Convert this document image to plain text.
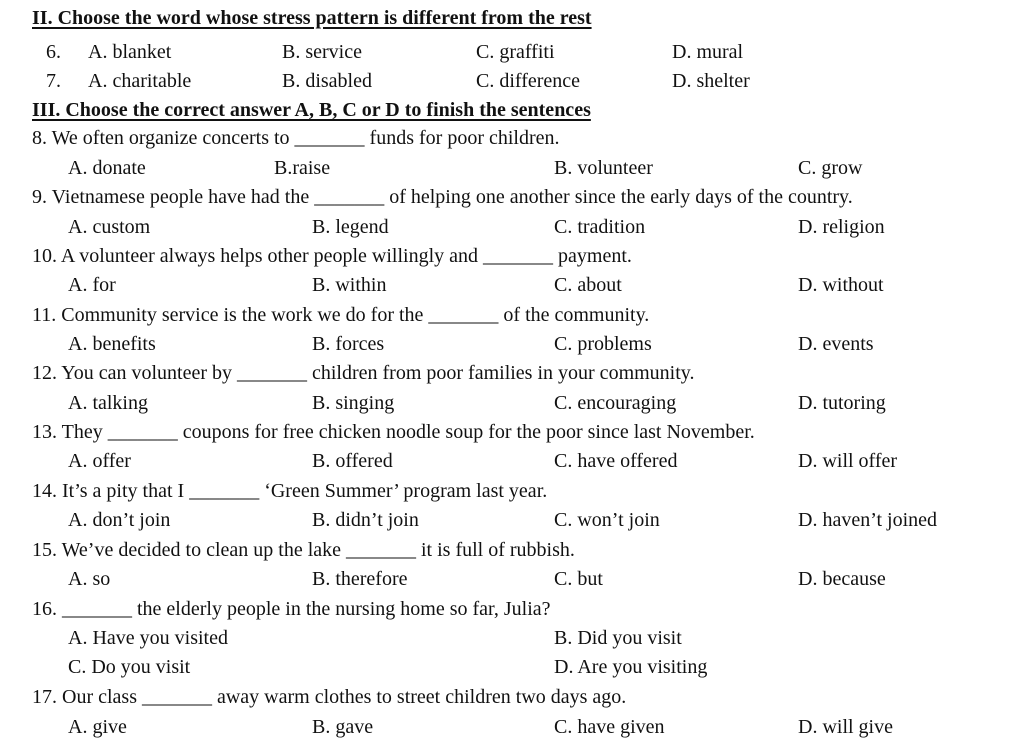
II. Choose the word whose stress pattern is different from the rest
6. A. blanket	B. service	C. graffiti	D. mural
7. A. charitable	B. disabled	C. difference	D. shelter
III. Choose the correct answer A, B, C or D to finish the sentences
8. We often organize concerts to _______ funds for poor children.
A. donate	B.raise	B. volunteer	C. grow
9. Vietnamese people have had the _______ of helping one another since the early days of the country.
A. custom	B. legend	C. tradition	D. religion
10. A volunteer always helps other people willingly and _______ payment.
A. for	B. within	C. about	D. without
11. Community service is the work we do for the _______ of the community.
A. benefits	B. forces	C. problems	D. events
12. You can volunteer by _______ children from poor families in your community.
A. talking	B. singing	C. encouraging	D. tutoring
13. They _______ coupons for free chicken noodle soup for the poor since last November.
A. offer	B. offered	C. have offered	D. will offer
14. It’s a pity that I _______ ‘Green Summer’ program last year.
A. don’t join	B. didn’t join	C. won’t join	D. haven’t joined
15. We’ve decided to clean up the lake _______ it is full of rubbish.
A. so	B. therefore	C. but	D. because
16. _______ the elderly people in the nursing home so far, Julia?
A. Have you visited	B. Did you visit
C. Do you visit	D. Are you visiting
17. Our class _______ away warm clothes to street children two days ago.
A. give	B. gave	C. have given	D. will give
